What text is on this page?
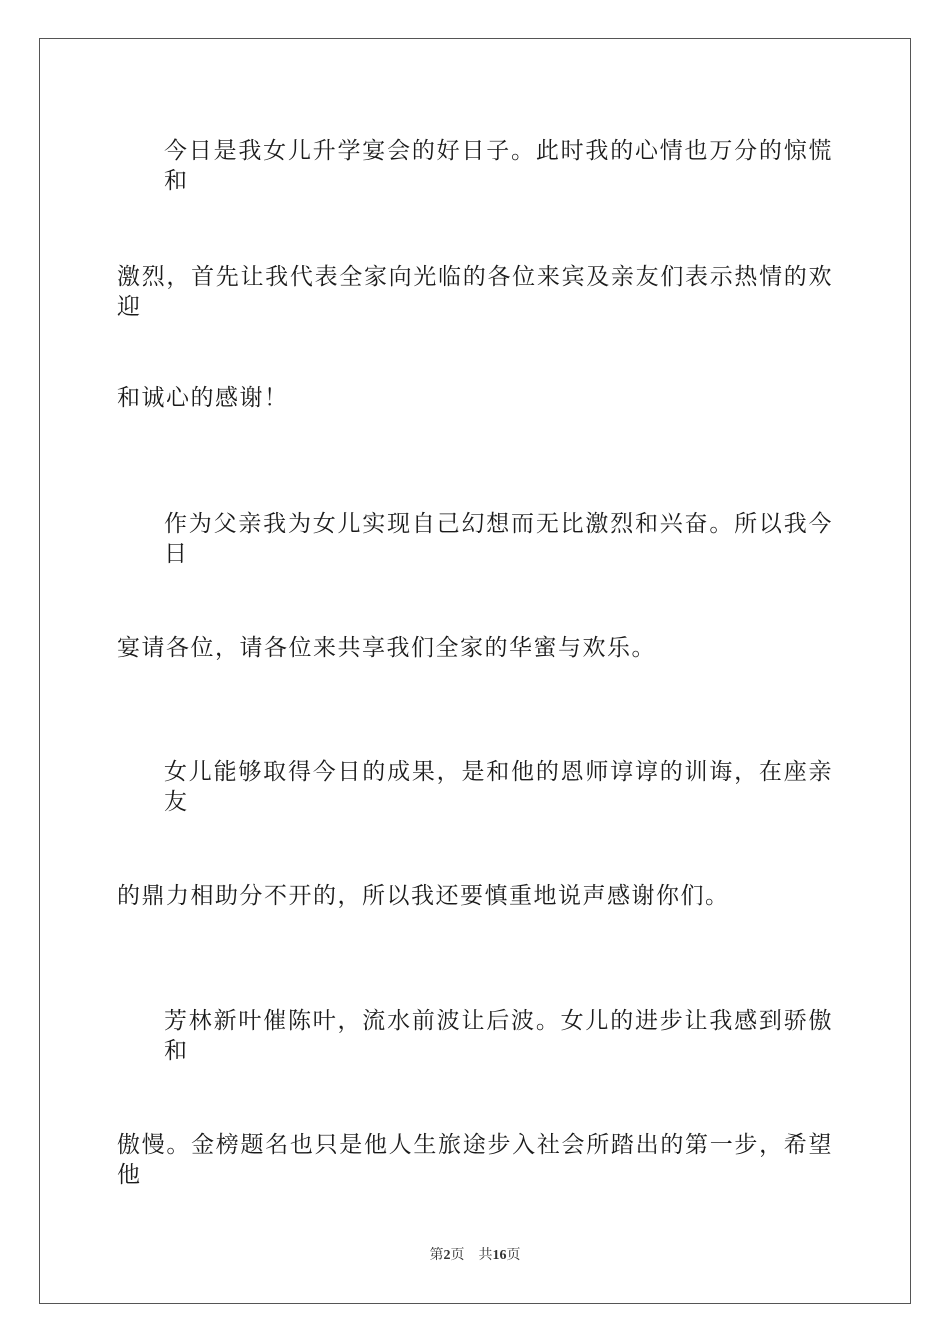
今日是我女儿升学宴会的好日子。此时我的心情也万分的惊慌和
激烈，首先让我代表全家向光临的各位来宾及亲友们表示热情的欢迎
和诚心的感谢！
作为父亲我为女儿实现自己幻想而无比激烈和兴奋。所以我今日
宴请各位，请各位来共享我们全家的华蜜与欢乐。
女儿能够取得今日的成果，是和他的恩师谆谆的训诲，在座亲友
的鼎力相助分不开的，所以我还要慎重地说声感谢你们。
芳林新叶催陈叶，流水前波让后波。女儿的进步让我感到骄傲和
傲慢。金榜题名也只是他人生旅途步入社会所踏出的第一步，希望他
第2页 共16页
